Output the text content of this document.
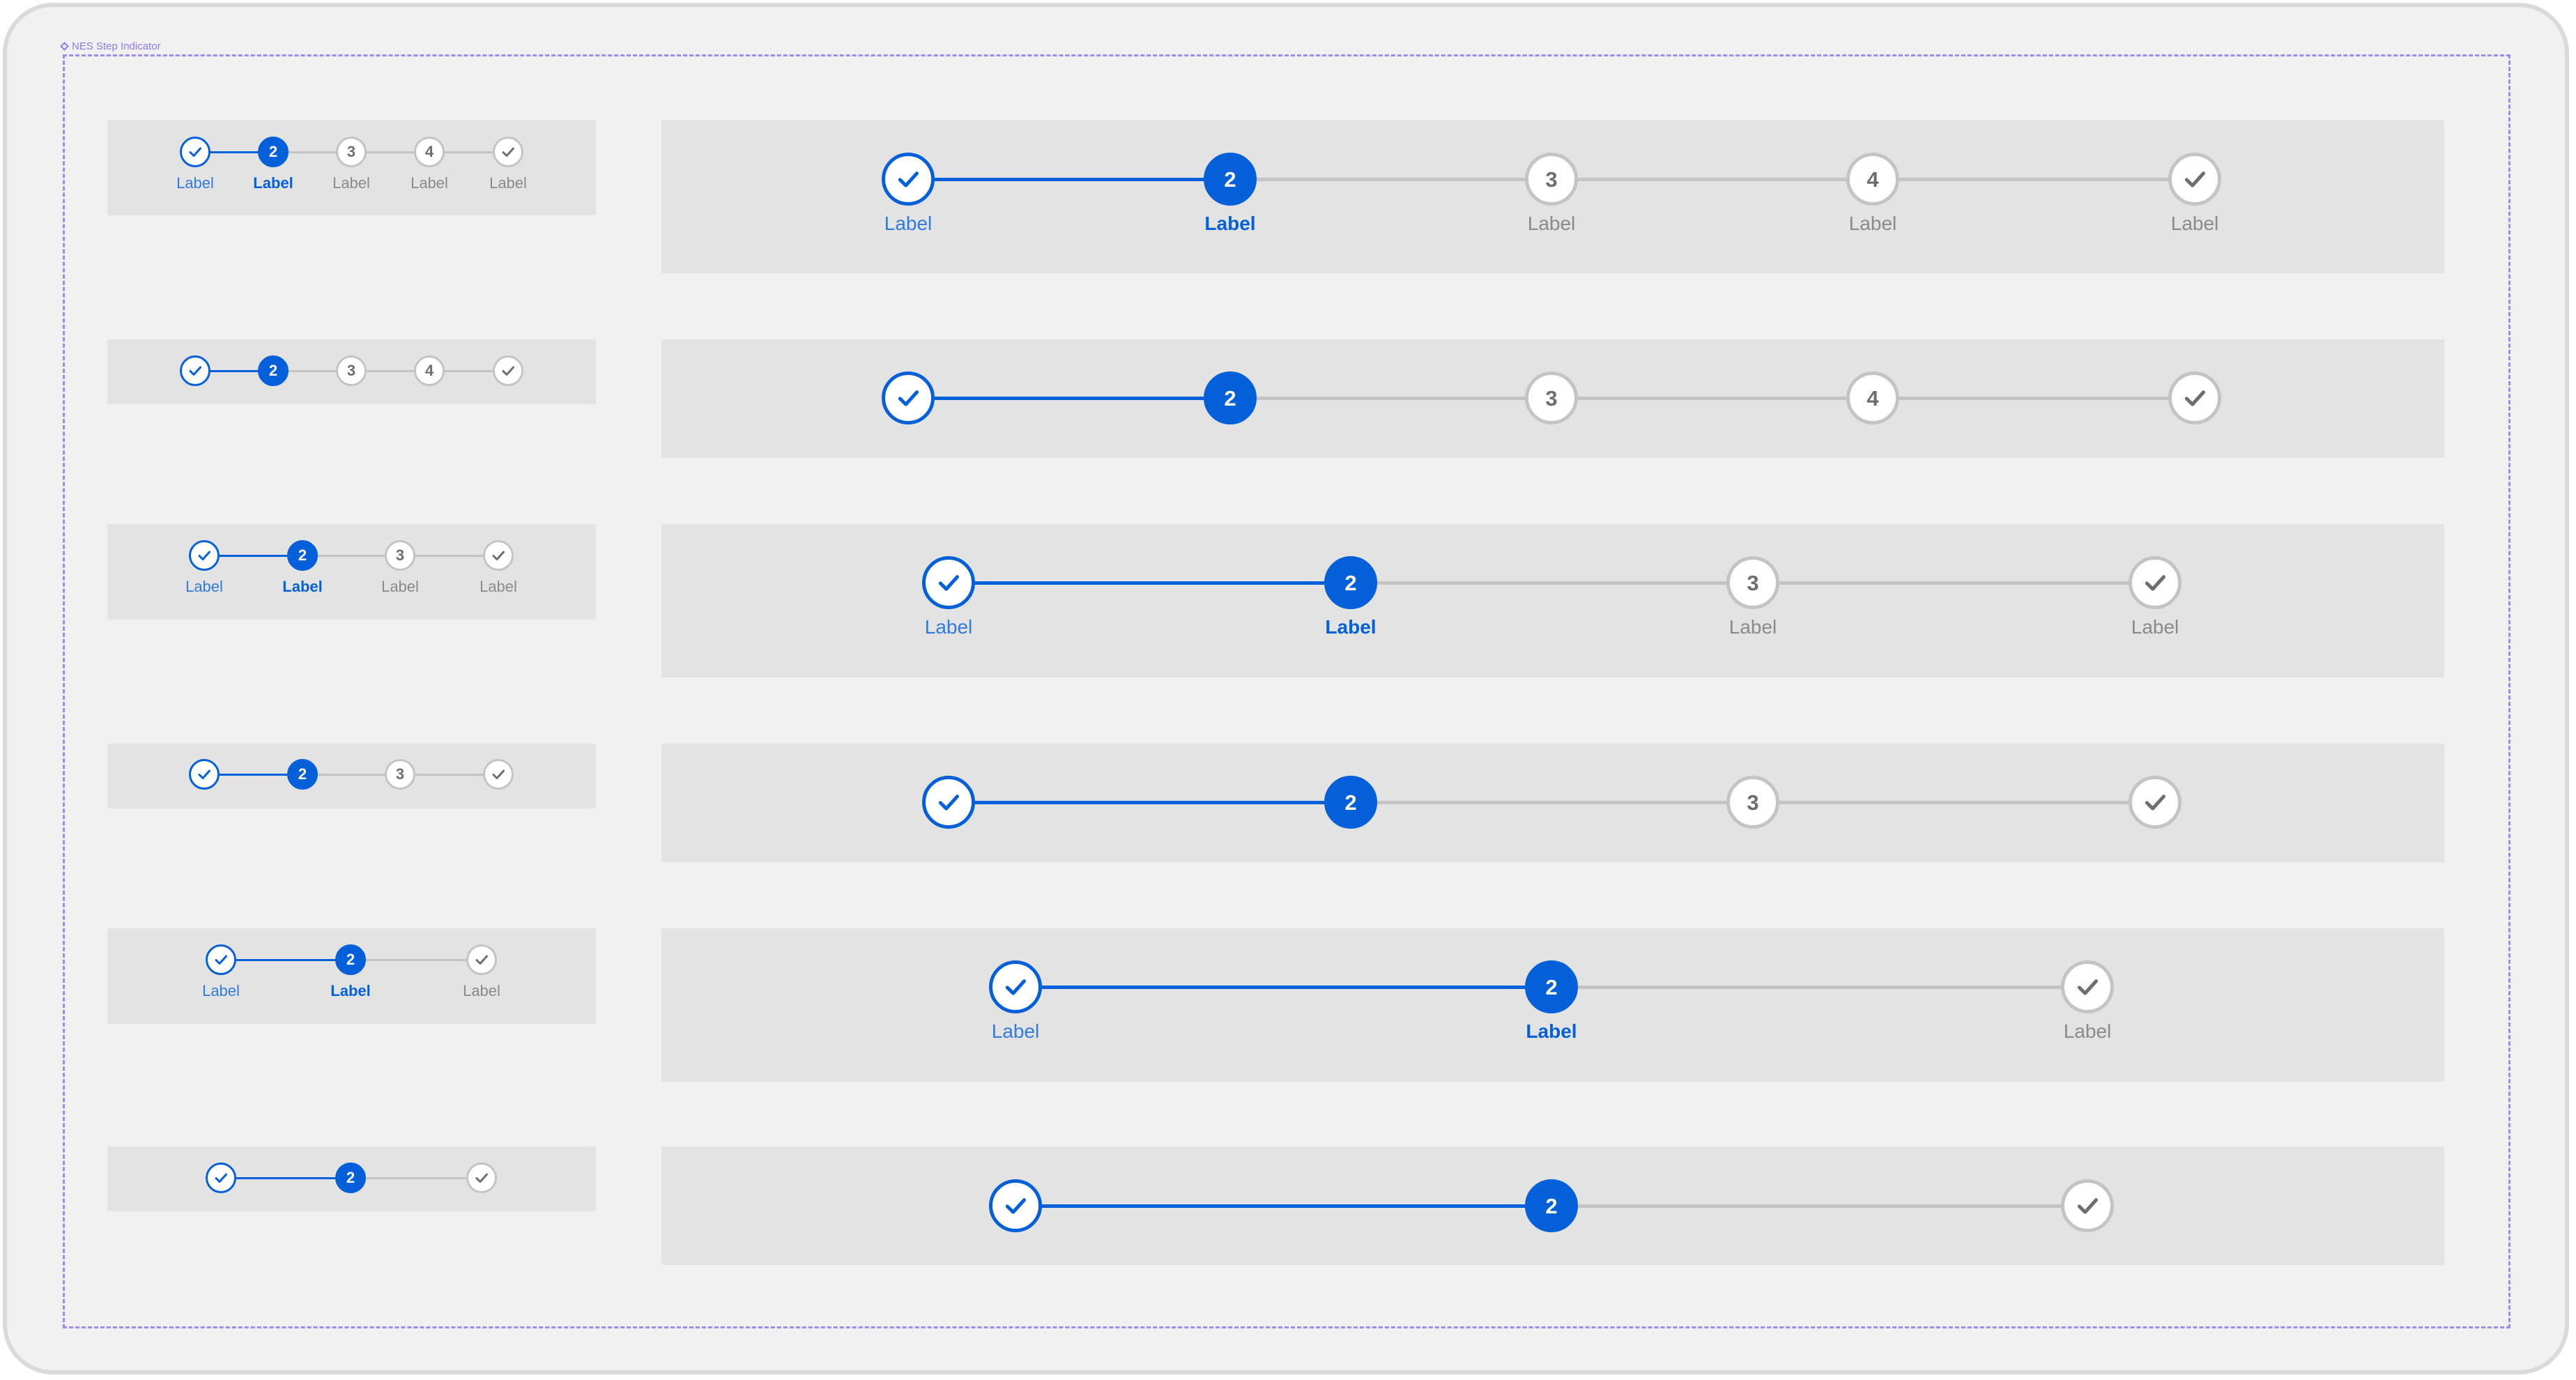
NES Step Indicator
Label
2
Label
3
Label
4
Label	Label
Label
2
Label
3
Label
4
Label	Label
2	3	4
2	3	4
Label
2
Label
3
Label	Label
Label
2
Label
3
Label	Label
2	3
2	3
Label
2
Label	Label
Label
2
Label	Label
2
2
